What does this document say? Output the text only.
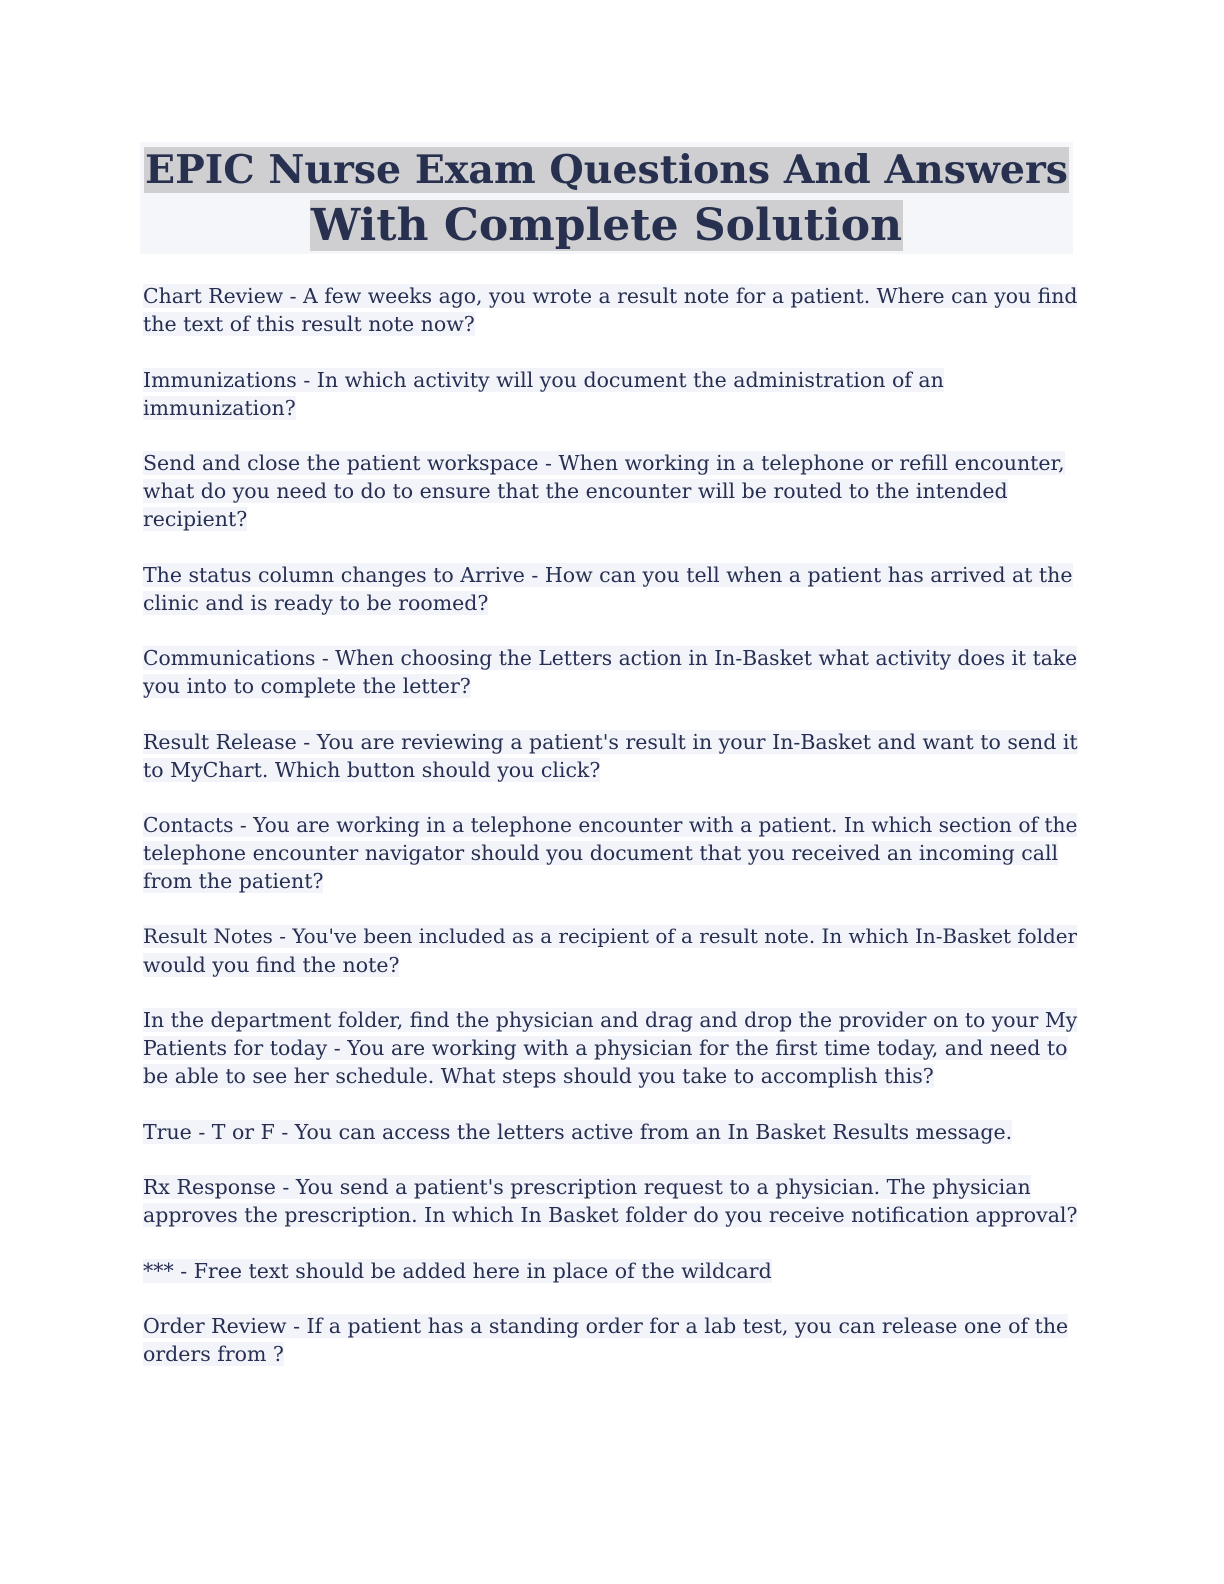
EPIC Nurse Exam Questions And Answers
With Complete Solution
Chart Review - A few weeks ago, you wrote a result note for a patient. Where can you find
the text of this result note now?
Immunizations - In which activity will you document the administration of an
immunization?
Send and close the patient workspace - When working in a telephone or refill encounter,
what do you need to do to ensure that the encounter will be routed to the intended
recipient?
The status column changes to Arrive - How can you tell when a patient has arrived at the
clinic and is ready to be roomed?
Communications - When choosing the Letters action in In-Basket what activity does it take
you into to complete the letter?
Result Release - You are reviewing a patient's result in your In-Basket and want to send it
to MyChart. Which button should you click?
Contacts - You are working in a telephone encounter with a patient. In which section of the
telephone encounter navigator should you document that you received an incoming call
from the patient?
Result Notes - You've been included as a recipient of a result note. In which In-Basket folder
would you find the note?
In the department folder, find the physician and drag and drop the provider on to your My
Patients for today - You are working with a physician for the first time today, and need to
be able to see her schedule. What steps should you take to accomplish this?
True - T or F - You can access the letters active from an In Basket Results message.
Rx Response - You send a patient's prescription request to a physician. The physician
approves the prescription. In which In Basket folder do you receive notification approval?
*** - Free text should be added here in place of the wildcard
Order Review - If a patient has a standing order for a lab test, you can release one of the
orders from ?
